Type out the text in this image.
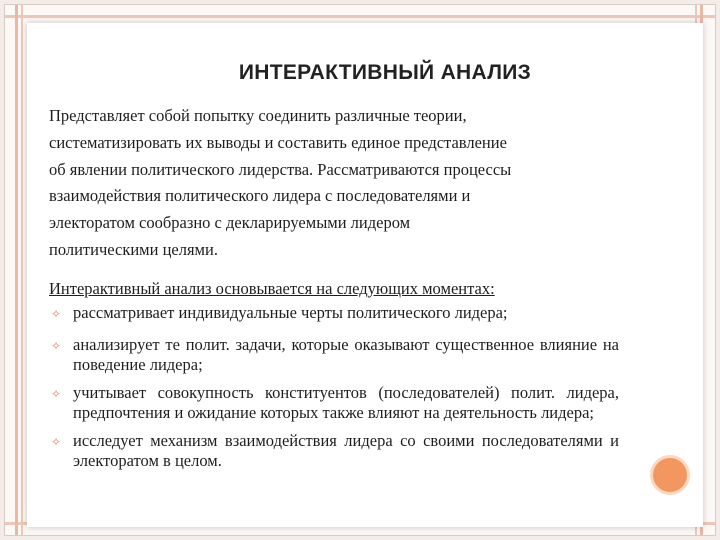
ИНТЕРАКТИВНЫЙ АНАЛИЗ
Представляет собой попытку соединить различные теории,
систематизировать их выводы и составить единое представление
об явлении политического лидерства. Рассматриваются процессы
взаимодействия политического лидера с последователями и
электоратом сообразно с декларируемыми лидером
политическими целями.
Интерактивный анализ основывается на следующих моментах:
✧ рассматривает индивидуальные черты политического лидера;
✧ анализирует те полит. задачи, которые оказывают существенное влияние на поведение лидера;
✧ учитывает совокупность конституентов (последователей) полит. лидера, предпочтения и ожидание которых также влияют на деятельность лидера;
✧ исследует механизм взаимодействия лидера со своими последователями и электоратом в целом.
